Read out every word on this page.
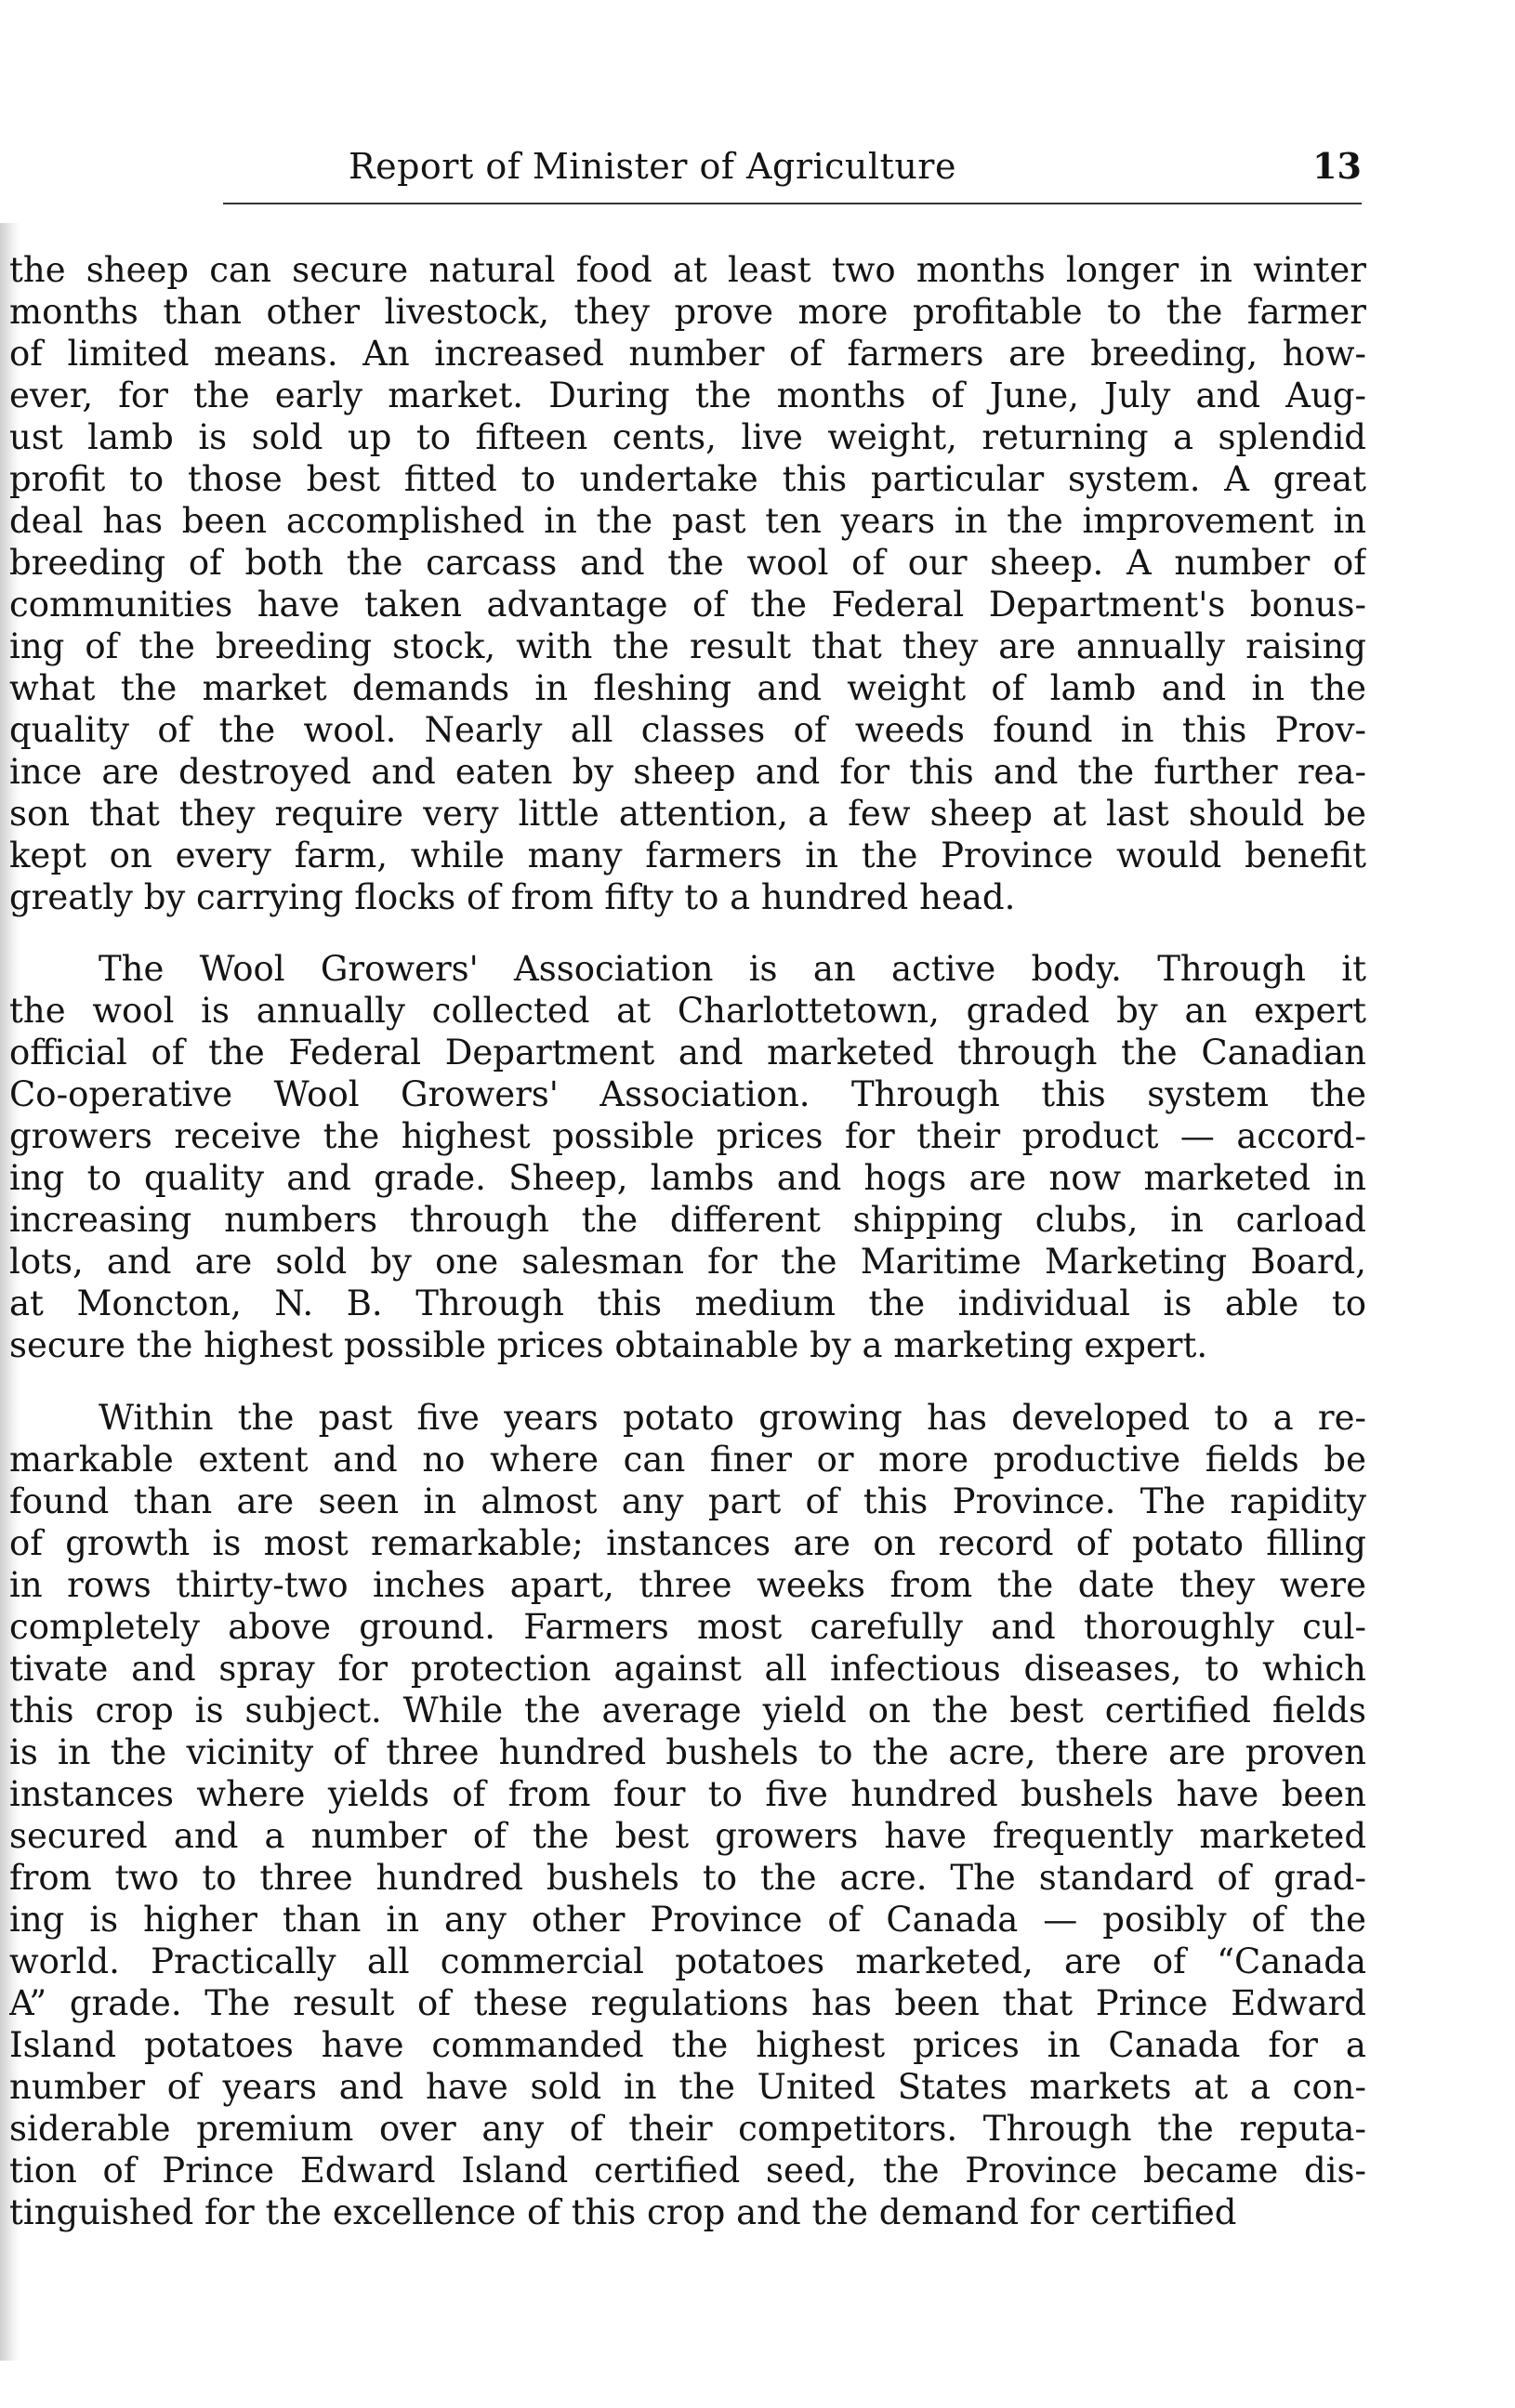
Report of Minister of Agriculture	13
the sheep can secure natural food at least two months longer in winter
months than other livestock, they prove more profitable to the farmer
of limited means. An increased number of farmers are breeding, how-
ever, for the early market. During the months of June, July and Aug-
ust lamb is sold up to fifteen cents, live weight, returning a splendid
profit to those best fitted to undertake this particular system. A great
deal has been accomplished in the past ten years in the improvement in
breeding of both the carcass and the wool of our sheep. A number of
communities have taken advantage of the Federal Department's bonus-
ing of the breeding stock, with the result that they are annually raising
what the market demands in fleshing and weight of lamb and in the
quality of the wool. Nearly all classes of weeds found in this Prov-
ince are destroyed and eaten by sheep and for this and the further rea-
son that they require very little attention, a few sheep at last should be
kept on every farm, while many farmers in the Province would benefit
greatly by carrying flocks of from fifty to a hundred head.
The Wool Growers' Association is an active body. Through it
the wool is annually collected at Charlottetown, graded by an expert
official of the Federal Department and marketed through the Canadian
Co-operative Wool Growers' Association. Through this system the
growers receive the highest possible prices for their product — accord-
ing to quality and grade. Sheep, lambs and hogs are now marketed in
increasing numbers through the different shipping clubs, in carload
lots, and are sold by one salesman for the Maritime Marketing Board,
at Moncton, N. B. Through this medium the individual is able to
secure the highest possible prices obtainable by a marketing expert.
Within the past five years potato growing has developed to a re-
markable extent and no where can finer or more productive fields be
found than are seen in almost any part of this Province. The rapidity
of growth is most remarkable; instances are on record of potato filling
in rows thirty-two inches apart, three weeks from the date they were
completely above ground. Farmers most carefully and thoroughly cul-
tivate and spray for protection against all infectious diseases, to which
this crop is subject. While the average yield on the best certified fields
is in the vicinity of three hundred bushels to the acre, there are proven
instances where yields of from four to five hundred bushels have been
secured and a number of the best growers have frequently marketed
from two to three hundred bushels to the acre. The standard of grad-
ing is higher than in any other Province of Canada — posibly of the
world. Practically all commercial potatoes marketed, are of “Canada
A” grade. The result of these regulations has been that Prince Edward
Island potatoes have commanded the highest prices in Canada for a
number of years and have sold in the United States markets at a con-
siderable premium over any of their competitors. Through the reputa-
tion of Prince Edward Island certified seed, the Province became dis-
tinguished for the excellence of this crop and the demand for certified
